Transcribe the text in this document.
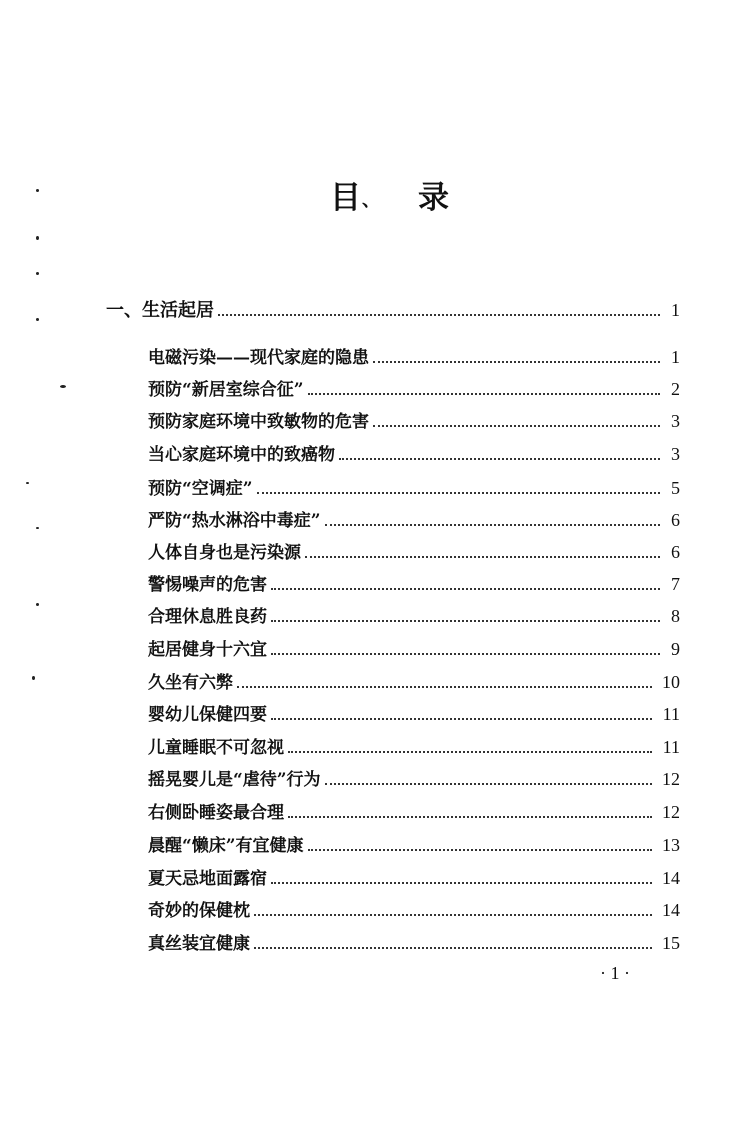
目 、 录
一、生活起居	1
电磁污染——现代家庭的隐患	1
预防“新居室综合征”	2
预防家庭环境中致敏物的危害	3
当心家庭环境中的致癌物	3
预防“空调症”	5
严防“热水淋浴中毒症”	6
人体自身也是污染源	6
警惕噪声的危害	7
合理休息胜良药	8
起居健身十六宜	9
久坐有六弊	10
婴幼儿保健四要	11
儿童睡眠不可忽视	11
摇晃婴儿是“虐待”行为	12
右侧卧睡姿最合理	12
晨醒“懒床”有宜健康	13
夏天忌地面露宿	14
奇妙的保健枕	14
真丝装宜健康	15
· 1 ·
